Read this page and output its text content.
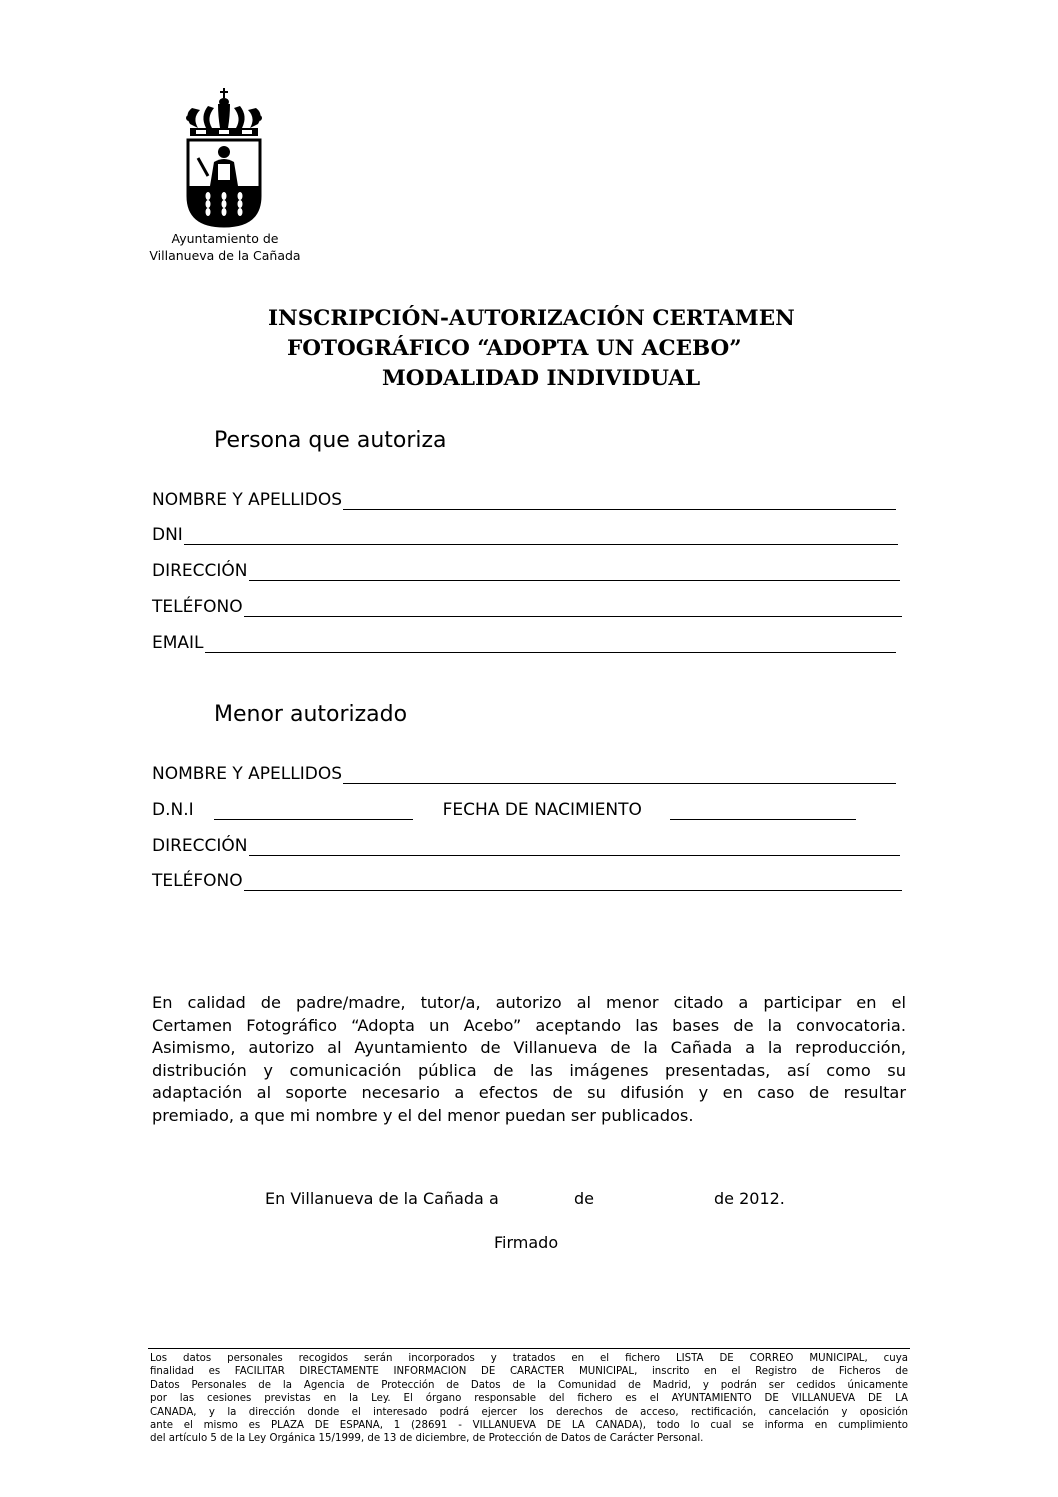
Ayuntamiento de
Villanueva de la Cañada
INSCRIPCIÓN-AUTORIZACIÓN CERTAMEN
FOTOGRÁFICO “ADOPTA UN ACEBO”
MODALIDAD INDIVIDUAL
Persona que autoriza
NOMBRE Y APELLIDOS
DNI
DIRECCIÓN
TELÉFONO
EMAIL
Menor autorizado
NOMBRE Y APELLIDOS
D.N.I	FECHA DE NACIMIENTO
DIRECCIÓN
TELÉFONO
En calidad de padre/madre, tutor/a, autorizo al menor citado a participar en el
Certamen Fotográfico “Adopta un Acebo” aceptando las bases de la convocatoria.
Asimismo, autorizo al Ayuntamiento de Villanueva de la Cañada a la reproducción,
distribución y comunicación pública de las imágenes presentadas, así como su
adaptación al soporte necesario a efectos de su difusión y en caso de resultar
premiado, a que mi nombre y el del menor puedan ser publicados.
En Villanueva de la Cañada a	de	de 2012.
Firmado
Los datos personales recogidos serán incorporados y tratados en el fichero LISTA DE CORREO MUNICIPAL, cuya
finalidad es FACILITAR DIRECTAMENTE INFORMACIÓN DE CARÁCTER MUNICIPAL, inscrito en el Registro de Ficheros de
Datos Personales de la Agencia de Protección de Datos de la Comunidad de Madrid, y podrán ser cedidos únicamente
por las cesiones previstas en la Ley. El órgano responsable del fichero es el AYUNTAMIENTO DE VILLANUEVA DE LA
CAÑADA, y la dirección donde el interesado podrá ejercer los derechos de acceso, rectificación, cancelación y oposición
ante el mismo es PLAZA DE ESPAÑA, 1 (28691 - VILLANUEVA DE LA CAÑADA), todo lo cual se informa en cumplimiento
del artículo 5 de la Ley Orgánica 15/1999, de 13 de diciembre, de Protección de Datos de Carácter Personal.
